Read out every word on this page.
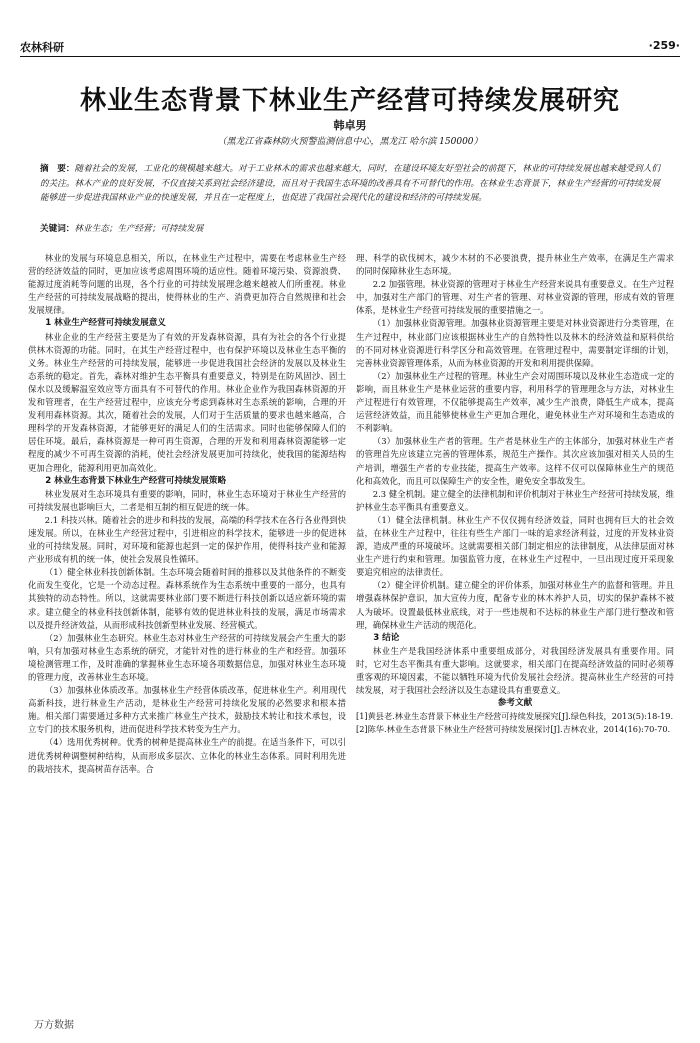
农林科研	·259·
林业生态背景下林业生产经营可持续发展研究
韩卓男
（黑龙江省森林防火预警监测信息中心，黑龙江 哈尔滨 150000）
摘　要：随着社会的发展，工业化的规模越来越大。对于工业林木的需求也越来越大，同时，在建设环境友好型社会的前提下，林业的可持续发展也越来越受到人们的关注。林木产业的良好发展，不仅直接关系到社会经济建设，而且对于我国生态环境的改善具有不可替代的作用。在林业生态背景下，林业生产经营的可持续发展能够进一步促进我国林业产业的快速发展，并且在一定程度上，也促进了我国社会现代化的建设和经济的可持续发展。
关键词：林业生态；生产经营；可持续发展

林业的发展与环境息息相关，所以，在林业生产过程中，需要在考虑林业生产经营的经济效益的同时，更加应该考虑周围环境的适应性。随着环境污染、资源浪费、能源过度消耗等问题的出现，各个行业的可持续发展理念越来越被人们所重视。林业生产经营的可持续发展战略的提出，使得林业的生产、消费更加符合自然规律和社会发展规律。

1 林业生产经营可持续发展意义

林业企业的生产经营主要是为了有效的开发森林资源，具有为社会的各个行业提供林木资源的功能。同时，在其生产经营过程中，也有保护环境以及林业生态平衡的义务。林业生产经营的可持续发展，能够进一步促进我国社会经济的发展以及林业生态系统的稳定。首先，森林对维护生态平衡具有重要意义，特别是在防风固沙、固土保水以及缓解温室效应等方面具有不可替代的作用。林业企业作为我国森林资源的开发和管理者，在生产经营过程中，应该充分考虑到森林对生态系统的影响，合理的开发利用森林资源。其次，随着社会的发展，人们对于生活质量的要求也越来越高，合理科学的开发森林资源，才能够更好的满足人们的生活需求。同时也能够保障人们的居住环境。最后，森林资源是一种可再生资源，合理的开发和利用森林资源能够一定程度的减少不可再生资源的消耗，使社会经济发展更加可持续化，使我国的能源结构更加合理化，能源利用更加高效化。

2 林业生态背景下林业生产经营可持续发展策略

林业发展对生态环境具有重要的影响，同时，林业生态环境对于林业生产经营的可持续发展也影响巨大，二者是相互制约相互促进的统一体。

2.1 科技兴林。随着社会的进步和科技的发展，高端的科学技术在各行各业得到快速发展。所以，在林业生产经营过程中，引进相应的科学技术，能够进一步的促进林业的可持续发展。同时，对环境和能源也起到一定的保护作用，使得科技产业和能源产业形成有机的统一体，使社会发展良性循环。

（1）健全林业科技创新体制。生态环境会随着时间的推移以及其他条件的不断变化而发生变化，它是一个动态过程。森林系统作为生态系统中重要的一部分，也具有其独特的动态特性。所以，这就需要林业部门要不断进行科技创新以适应新环境的需求。建立健全的林业科技创新体制，能够有效的促进林业科技的发展，满足市场需求以及提升经济效益，从而形成科技创新型林业发展、经营模式。

（2）加强林业生态研究。林业生态对林业生产经营的可持续发展会产生重大的影响，只有加强对林业生态系统的研究，才能针对性的进行林业的生产和经营。加强环境检测管理工作，及时准确的掌握林业生态环境各项数据信息，加强对林业生态环境的管理力度，改善林业生态环境。

（3）加强林业体质改革。加强林业生产经营体质改革，促进林业生产。利用现代高新科技，进行林业生产活动，是林业生产经营可持续化发展的必然要求和根本措施。相关部门需要通过多种方式来推广林业生产技术，鼓励技术转让和技术承包，设立专门的技术服务机构，进而促进科学技术转变为生产力。

（4）选用优秀树种。优秀的树种是提高林业生产的前提。在适当条件下，可以引进优秀树种调整树种结构，从而形成多层次、立体化的林业生态体系。同时利用先进的栽培技术，提高树苗存活率。合

理、科学的砍伐树木，减少木材的不必要浪费，提升林业生产效率，在满足生产需求的同时保障林业生态环境。

2.2 加强管理。林业资源的管理对于林业生产经营来说具有重要意义。在生产过程中，加强对生产部门的管理、对生产者的管理、对林业资源的管理，形成有效的管理体系，是林业生产经营可持续发展的重要措施之一。

（1）加强林业资源管理。加强林业资源管理主要是对林业资源进行分类管理，在生产过程中，林业部门应该根据林业生产的自然特性以及林木的经济效益和原料供给的不同对林业资源进行科学区分和高效管理。在管理过程中，需要制定详细的计划，完善林业资源管理体系，从而为林业资源的开发和利用提供保障。

（2）加强林业生产过程的管理。林业生产会对周围环境以及林业生态造成一定的影响，而且林业生产是林业运营的重要内容，利用科学的管理理念与方法，对林业生产过程进行有效管理，不仅能够提高生产效率，减少生产浪费，降低生产成本，提高运营经济效益，而且能够使林业生产更加合理化，避免林业生产对环境和生态造成的不利影响。

（3）加强林业生产者的管理。生产者是林业生产的主体部分，加强对林业生产者的管理首先应该建立完善的管理体系，规范生产操作。其次应该加强对相关人员的生产培训，增强生产者的专业技能，提高生产效率。这样不仅可以保障林业生产的规范化和高效化，而且可以保障生产的安全性，避免安全事故发生。

2.3 健全机制。建立健全的法律机制和评价机制对于林业生产经营可持续发展，维护林业生态平衡具有重要意义。

（1）健全法律机制。林业生产不仅仅拥有经济效益，同时也拥有巨大的社会效益，在林业生产过程中，往往有些生产部门一味的追求经济利益，过度的开发林业资源，造成严重的环境破坏。这就需要相关部门制定相应的法律制度，从法律层面对林业生产进行约束和管理。加强监管力度，在林业生产过程中，一旦出现过度开采现象要追究相应的法律责任。

（2）健全评价机制。建立健全的评价体系，加强对林业生产的监督和管理。并且增强森林保护意识，加大宣传力度，配备专业的林木养护人员，切实的保护森林不被人为破坏。设置最低林业底线，对于一些违规和不达标的林业生产部门进行整改和管理，确保林业生产活动的规范化。

3 结论

林业生产是我国经济体系中重要组成部分，对我国经济发展具有重要作用。同时，它对生态平衡具有重大影响。这就要求，相关部门在提高经济效益的同时必须尊重客观的环境因素，不能以牺牲环境为代价发展社会经济。提高林业生产经营的可持续发展，对于我国社会经济以及生态建设具有重要意义。

参考文献

[1]黄县老.林业生态背景下林业生产经营可持续发展探究[J].绿色科技，2013(5):18-19.

[2]陈华.林业生态背景下林业生产经营可持续发展探讨[J].吉林农业，2014(16):70-70.

万方数据
